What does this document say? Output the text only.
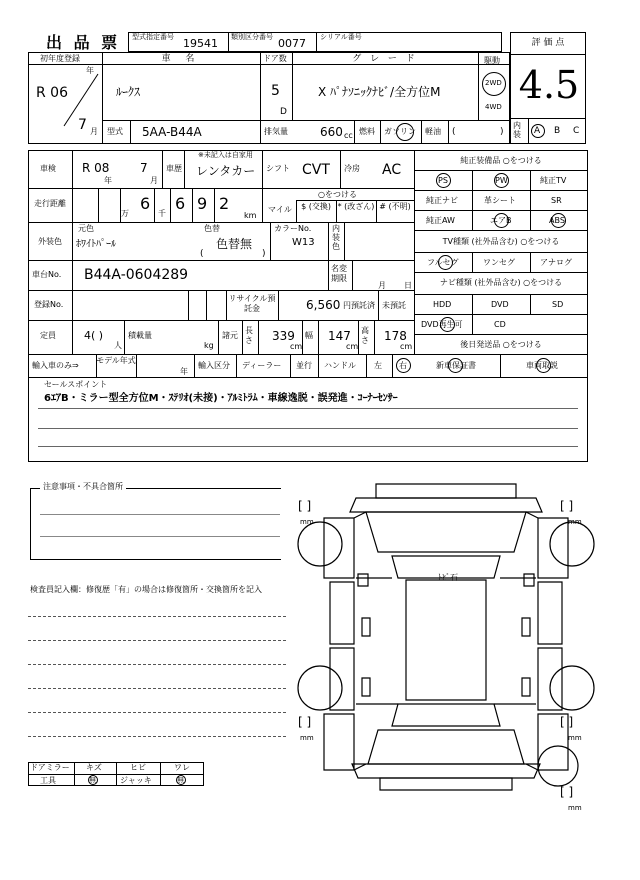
出 品 票 型式指定番号 19541 類別区分番号 0077 シリアル番号
評 価 点
4.5
内装	A B C
初年度登録
年
R 06
7 月
車 名
ﾙｰｸｽ
ドア数
5
D
グ レ ー ド
X ﾊﾟﾅｿﾆｯｸﾅﾋﾞ/全方位M
駆動
2WD
4WD
型式 5AA-B44A	排気量	660 cc 燃料 ガソリン 軽油 (	)
車検 R 08
年
7
月
車歴
※未記入は自家用
レンタカー シフト CVT 冷房 AC
走行距離
万
6
千
6 9 2
km
○をつける
マイル	$ (交換) * (改ざん) # (不明)
外装色
元色
ﾎﾜｲﾄﾊﾟｰﾙ
色替
色替無
(	)
カラーNo.
W13
内装色
車台No. B44A-0604289	名変期限
月 日
登録No.
リサイクル預託金	6,560 円預託済 未預託
定員	4( )
人
積載量
kg
諸元
長さ 339
cm
幅 147
cm
高さ 178
cm
輸入車のみ⇒
モデル年式
年
輸入区分 ディーラー 並行 ハンドル 左 右
純正装備品 ○をつける
PS	PW	純正TV
純正ナビ	革シート	SR
純正AW	エアB	ABS
TV種類 (社外品含む) ○をつける
フルセグ	ワンセグ	アナログ
ナビ種類 (社外品含む) ○をつける
HDD	DVD	SD
DVD再生可	CD
後日発送品 ○をつける
新車保証書	車両取説
セールスポイント
6ｴｱB・ミラー型全方位M・ｽﾃﾘｵ(未接)・ｱﾙﾐﾄﾗﾑ・車線逸脱・誤発進・ｺｰﾅｰｾﾝｻｰ
注意事項・不具合箇所
検査員記入欄：修復歴「有」の場合は修復箇所・交換箇所を記入
ドアミラー キズ	ヒビ	ワレ
工具	無	ジャッキ	無
ﾄﾋﾞ石
[ ]
mm
[ ]
mm
[ ]
mm
[ ]
mm
[ ]
mm
